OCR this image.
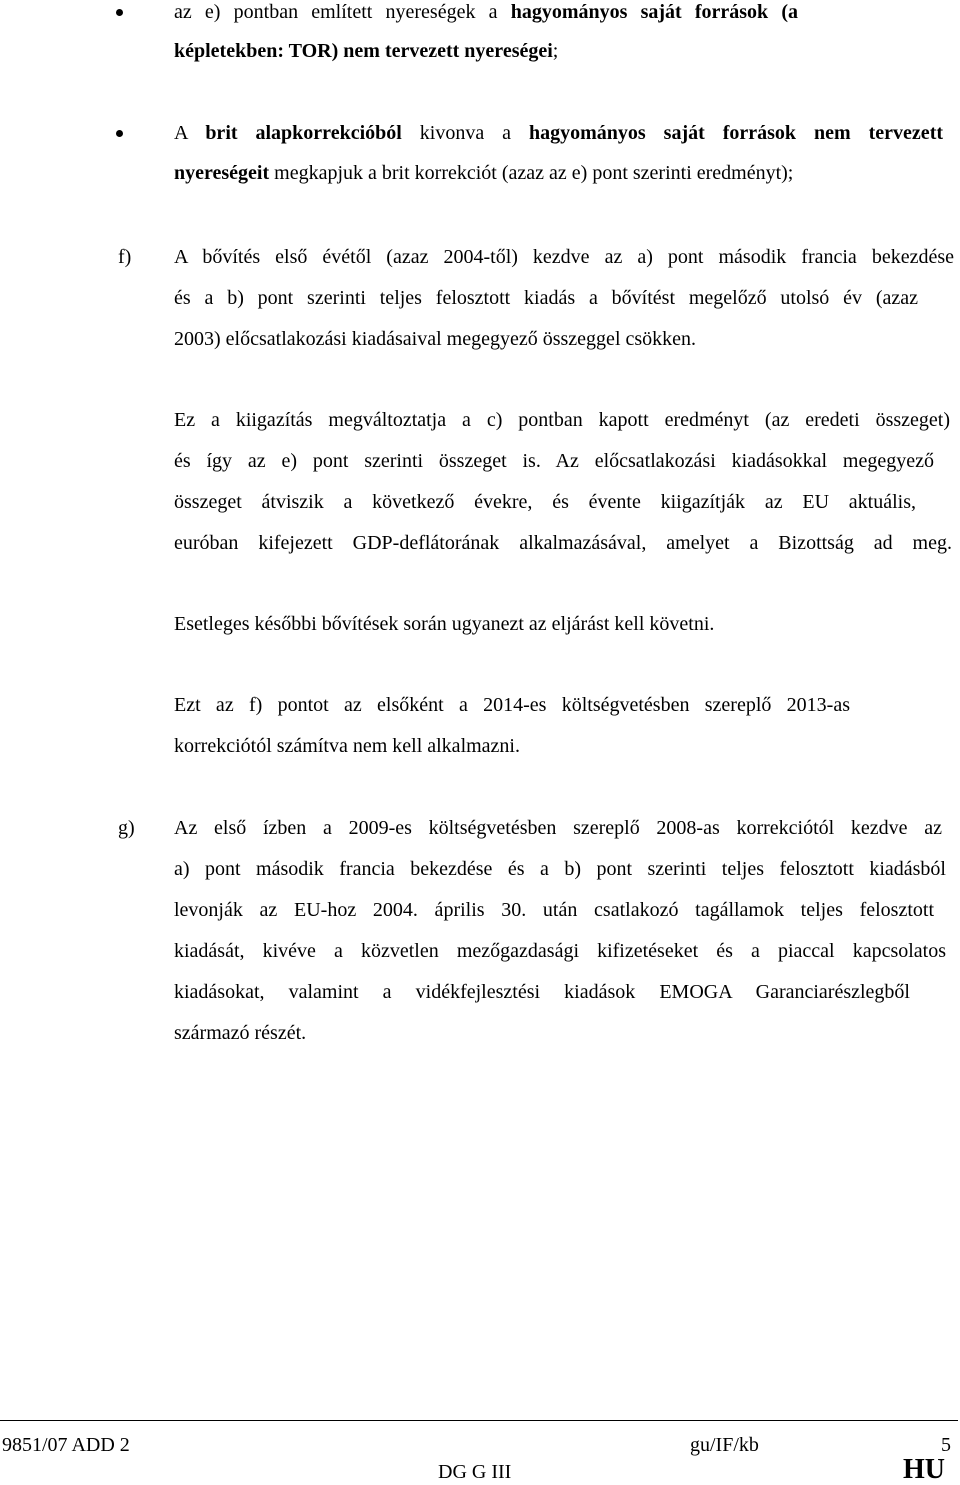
az e) pontban említett nyereségek a hagyományos saját források (a
képletekben: TOR) nem tervezett nyereségei;
A brit alapkorrekcióból kivonva a hagyományos saját források nem tervezett
nyereségeit megkapjuk a brit korrekciót (azaz az e) pont szerinti eredményt);
f) A bővítés első évétől (azaz 2004-től) kezdve az a) pont második francia bekezdése
és a b) pont szerinti teljes felosztott kiadás a bővítést megelőző utolsó év (azaz
2003) előcsatlakozási kiadásaival megegyező összeggel csökken.
Ez a kiigazítás megváltoztatja a c) pontban kapott eredményt (az eredeti összeget)
és így az e) pont szerinti összeget is. Az előcsatlakozási kiadásokkal megegyező
összeget átviszik a következő évekre, és évente kiigazítják az EU aktuális,
euróban kifejezett GDP-deflátorának alkalmazásával, amelyet a Bizottság ad meg.
Esetleges későbbi bővítések során ugyanezt az eljárást kell követni.
Ezt az f) pontot az elsőként a 2014-es költségvetésben szereplő 2013-as
korrekciótól számítva nem kell alkalmazni.
g) Az első ízben a 2009-es költségvetésben szereplő 2008-as korrekciótól kezdve az
a) pont második francia bekezdése és a b) pont szerinti teljes felosztott kiadásból
levonják az EU-hoz 2004. április 30. után csatlakozó tagállamok teljes felosztott
kiadását, kivéve a közvetlen mezőgazdasági kifizetéseket és a piaccal kapcsolatos
kiadásokat, valamint a vidékfejlesztési kiadások EMOGA Garanciarészlegből
származó részét.
9851/07 ADD 2	gu/IF/kb	5
DG G III	HU
